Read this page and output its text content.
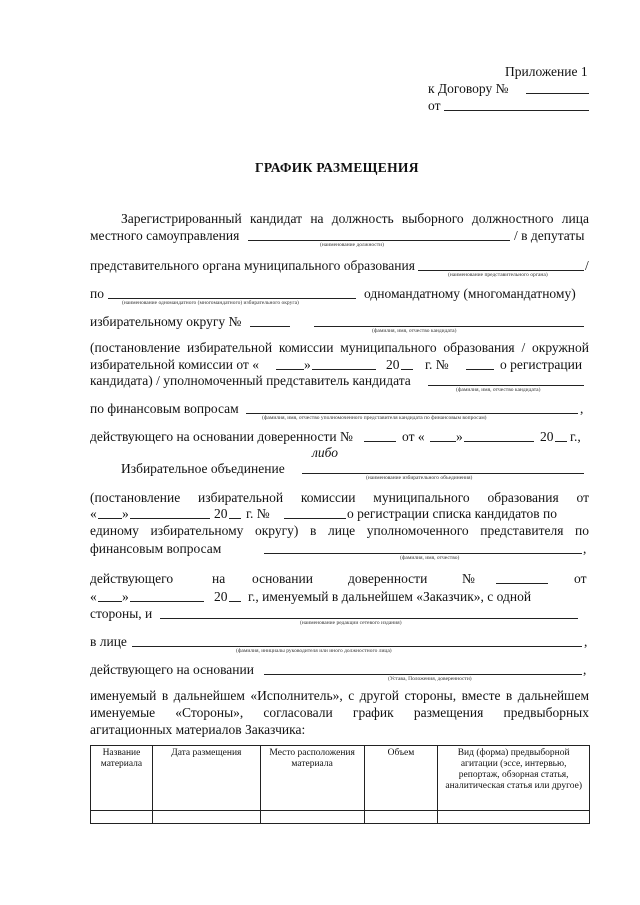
Приложение 1
к Договору №
от
ГРАФИК РАЗМЕЩЕНИЯ
Зарегистрированный кандидат на должность выборного должностного лица
местного самоуправления	/ в депутаты
(наименование должности)
представительного органа муниципального образования	/
(наименование представительного органа)
по	одномандатному (многомандатному)
(наименование одномандатного (многомандатного) избирательного округа)
избирательному округу №
(фамилия, имя, отчество кандидата)
(постановление избирательной комиссии муниципального образования / окружной
избирательной комиссии от «	»	20 г. №	о регистрации
кандидата) / уполномоченный представитель кандидата
(фамилия, имя, отчество кандидата)
по финансовым вопросам	,
(фамилия, имя, отчество уполномоченного представителя кандидата по финансовым вопросам)
действующего на основании доверенности №	от « »	20 г.,
либо
Избирательное объединение
(наименование избирательного объединения)
(постановление избирательной комиссии муниципального образования от
« »	20 г. №	о регистрации списка кандидатов по
единому избирательному округу) в лице уполномоченного представителя по
финансовым вопросам	,
(фамилия, имя, отчество)
действующего	на основании	доверенности	№	от
« »	20 г., именуемый в дальнейшем «Заказчик», с одной
стороны, и
(наименование редакции сетевого издания)
в лице	,
(фамилия, инициалы руководителя или иного должностного лица)
действующего на основании	,
(Устава, Положения, доверенности)
именуемый в дальнейшем «Исполнитель», с другой стороны, вместе в дальнейшем
именуемые «Стороны», согласовали график размещения предвыборных
агитационных материалов Заказчика:
Название материала	Дата размещения	Место расположения материала	Объем	Вид (форма) предвыборной агитации (эссе, интервью, репортаж, обзорная статья, аналитическая статья или другое)
